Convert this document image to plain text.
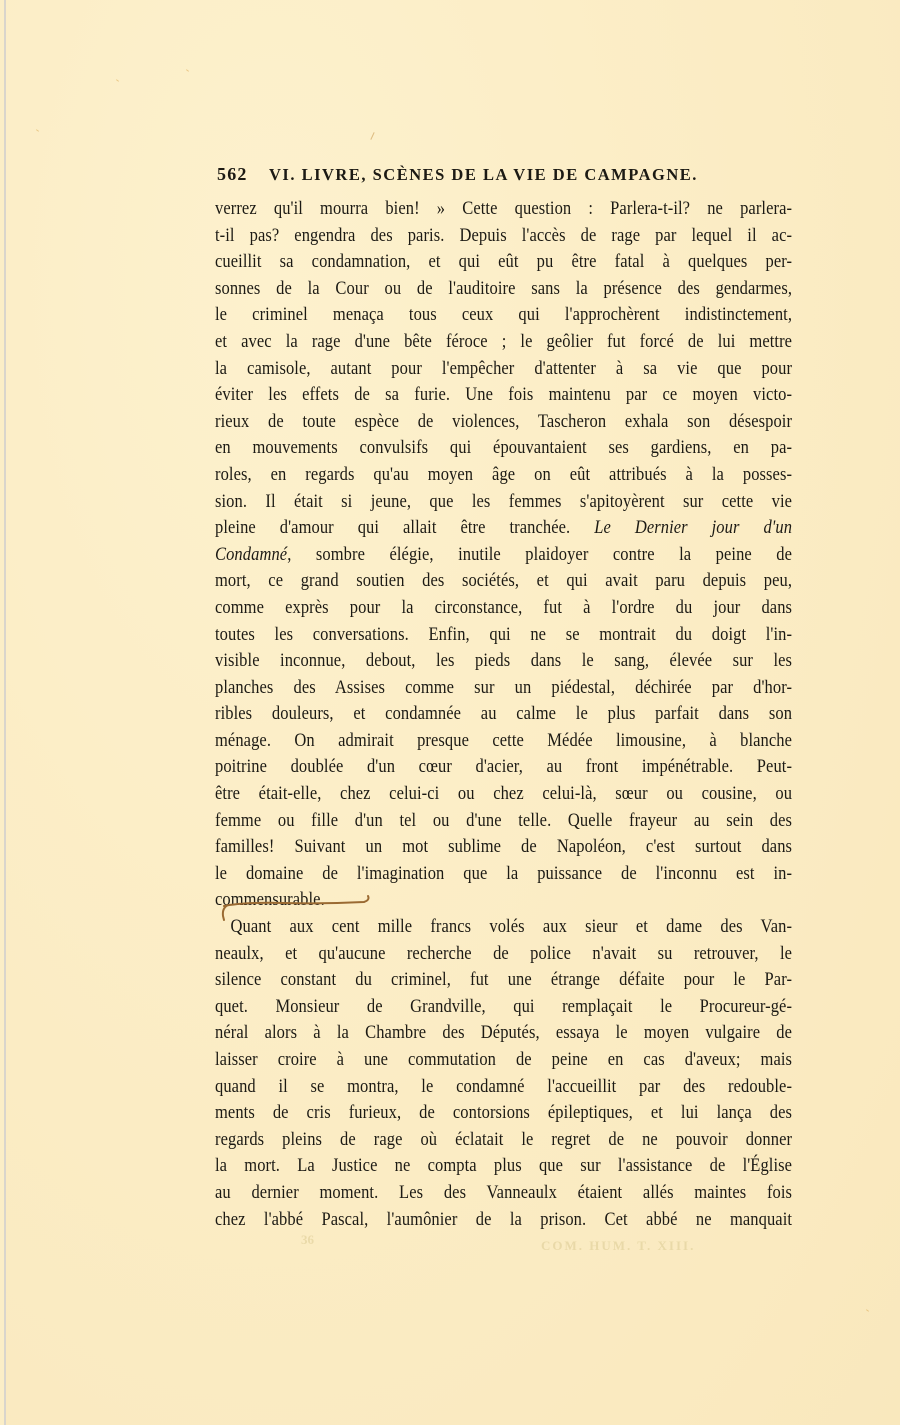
562	VI. LIVRE, SCÈNES DE LA VIE DE CAMPAGNE.
verrez qu'il mourra bien! » Cette question : Parlera-t-il? ne parlera-
t-il pas? engendra des paris. Depuis l'accès de rage par lequel il ac-
cueillit sa condamnation, et qui eût pu être fatal à quelques per-
sonnes de la Cour ou de l'auditoire sans la présence des gendarmes,
le criminel menaça tous ceux qui l'approchèrent indistinctement,
et avec la rage d'une bête féroce ; le geôlier fut forcé de lui mettre
la camisole, autant pour l'empêcher d'attenter à sa vie que pour
éviter les effets de sa furie. Une fois maintenu par ce moyen victo-
rieux de toute espèce de violences, Tascheron exhala son désespoir
en mouvements convulsifs qui épouvantaient ses gardiens, en pa-
roles, en regards qu'au moyen âge on eût attribués à la posses-
sion. Il était si jeune, que les femmes s'apitoyèrent sur cette vie
pleine d'amour qui allait être tranchée. Le Dernier jour d'un
Condamné, sombre élégie, inutile plaidoyer contre la peine de
mort, ce grand soutien des sociétés, et qui avait paru depuis peu,
comme exprès pour la circonstance, fut à l'ordre du jour dans
toutes les conversations. Enfin, qui ne se montrait du doigt l'in-
visible inconnue, debout, les pieds dans le sang, élevée sur les
planches des Assises comme sur un piédestal, déchirée par d'hor-
ribles douleurs, et condamnée au calme le plus parfait dans son
ménage. On admirait presque cette Médée limousine, à blanche
poitrine doublée d'un cœur d'acier, au front impénétrable. Peut-
être était-elle, chez celui-ci ou chez celui-là, sœur ou cousine, ou
femme ou fille d'un tel ou d'une telle. Quelle frayeur au sein des
familles! Suivant un mot sublime de Napoléon, c'est surtout dans
le domaine de l'imagination que la puissance de l'inconnu est in-
commensurable.
Quant aux cent mille francs volés aux sieur et dame des Van-
neaulx, et qu'aucune recherche de police n'avait su retrouver, le
silence constant du criminel, fut une étrange défaite pour le Par-
quet. Monsieur de Grandville, qui remplaçait le Procureur-gé-
néral alors à la Chambre des Députés, essaya le moyen vulgaire de
laisser croire à une commutation de peine en cas d'aveux; mais
quand il se montra, le condamné l'accueillit par des redouble-
ments de cris furieux, de contorsions épileptiques, et lui lança des
regards pleins de rage où éclatait le regret de ne pouvoir donner
la mort. La Justice ne compta plus que sur l'assistance de l'Église
au dernier moment. Les des Vanneaulx étaient allés maintes fois
chez l'abbé Pascal, l'aumônier de la prison. Cet abbé ne manquait
COM. HUM. T. XIII.
36
